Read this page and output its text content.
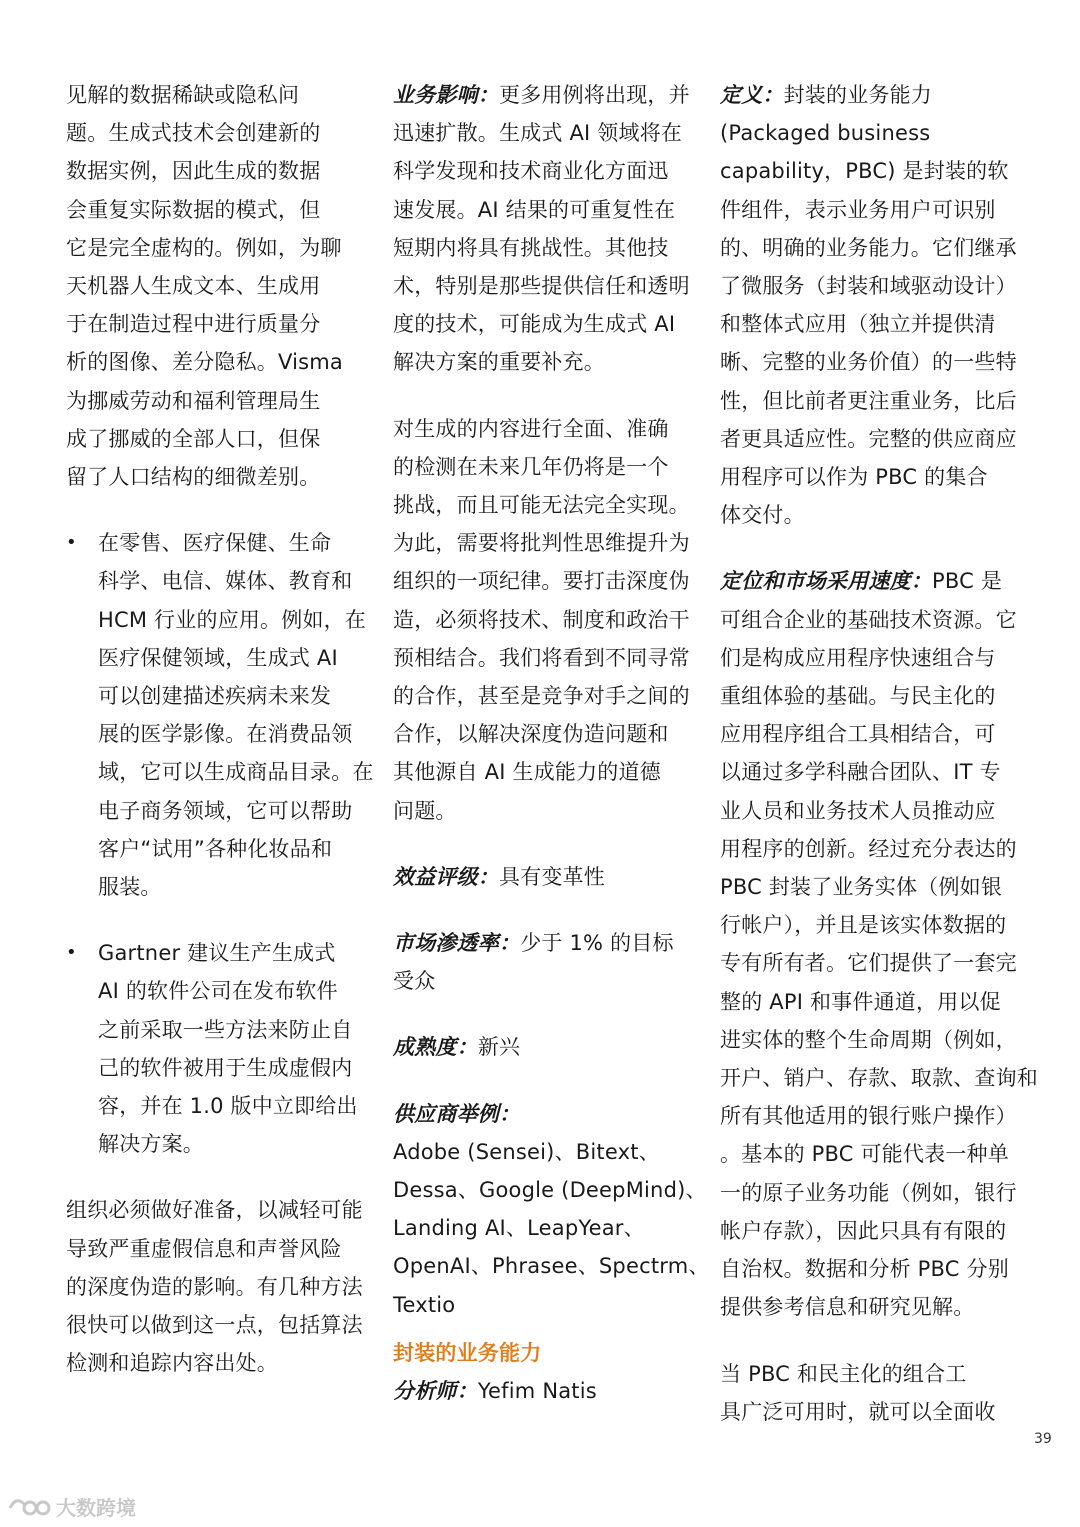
见解的数据稀缺或隐私问
题。生成式技术会创建新的
数据实例，因此生成的数据
会重复实际数据的模式，但
它是完全虚构的。例如，为聊
天机器人生成文本、生成用
于在制造过程中进行质量分
析的图像、差分隐私。Visma
为挪威劳动和福利管理局生
成了挪威的全部人口，但保
留了人口结构的细微差别。
• 在零售、医疗保健、生命
科学、电信、媒体、教育和
HCM 行业的应用。例如，在
医疗保健领域，生成式 AI
可以创建描述疾病未来发
展的医学影像。在消费品领
域，它可以生成商品目录。在
电子商务领域，它可以帮助
客户“试用”各种化妆品和
服装。
• Gartner 建议生产生成式
AI 的软件公司在发布软件
之前采取一些方法来防止自
己的软件被用于生成虚假内
容，并在 1.0 版中立即给出
解决方案。
组织必须做好准备，以减轻可能
导致严重虚假信息和声誉风险
的深度伪造的影响。有几种方法
很快可以做到这一点，包括算法
检测和追踪内容出处。
业务影响：更多用例将出现，并
迅速扩散。生成式 AI 领域将在
科学发现和技术商业化方面迅
速发展。AI 结果的可重复性在
短期内将具有挑战性。其他技
术，特别是那些提供信任和透明
度的技术，可能成为生成式 AI
解决方案的重要补充。
对生成的内容进行全面、准确
的检测在未来几年仍将是一个
挑战，而且可能无法完全实现。
为此，需要将批判性思维提升为
组织的一项纪律。要打击深度伪
造，必须将技术、制度和政治干
预相结合。我们将看到不同寻常
的合作，甚至是竞争对手之间的
合作，以解决深度伪造问题和
其他源自 AI 生成能力的道德
问题。
效益评级：具有变革性
市场渗透率：少于 1% 的目标
受众
成熟度：新兴
供应商举例：
Adobe (Sensei)、Bitext、
Dessa、Google (DeepMind)、
Landing AI、LeapYear、
OpenAI、Phrasee、Spectrm、
Textio
封装的业务能力
分析师：Yefim Natis
定义：封装的业务能力
(Packaged business
capability，PBC) 是封装的软
件组件，表示业务用户可识别
的、明确的业务能力。它们继承
了微服务（封装和域驱动设计）
和整体式应用（独立并提供清
晰、完整的业务价值）的一些特
性，但比前者更注重业务，比后
者更具适应性。完整的供应商应
用程序可以作为 PBC 的集合
体交付。
定位和市场采用速度：PBC 是
可组合企业的基础技术资源。它
们是构成应用程序快速组合与
重组体验的基础。与民主化的
应用程序组合工具相结合，可
以通过多学科融合团队、IT 专
业人员和业务技术人员推动应
用程序的创新。经过充分表达的
PBC 封装了业务实体（例如银
行帐户），并且是该实体数据的
专有所有者。它们提供了一套完
整的 API 和事件通道，用以促
进实体的整个生命周期（例如，
开户、销户、存款、取款、查询和
所有其他适用的银行账户操作）
。基本的 PBC 可能代表一种单
一的原子业务功能（例如，银行
帐户存款），因此只具有有限的
自治权。数据和分析 PBC 分别
提供参考信息和研究见解。
当 PBC 和民主化的组合工
具广泛可用时，就可以全面收
39
大数跨境
